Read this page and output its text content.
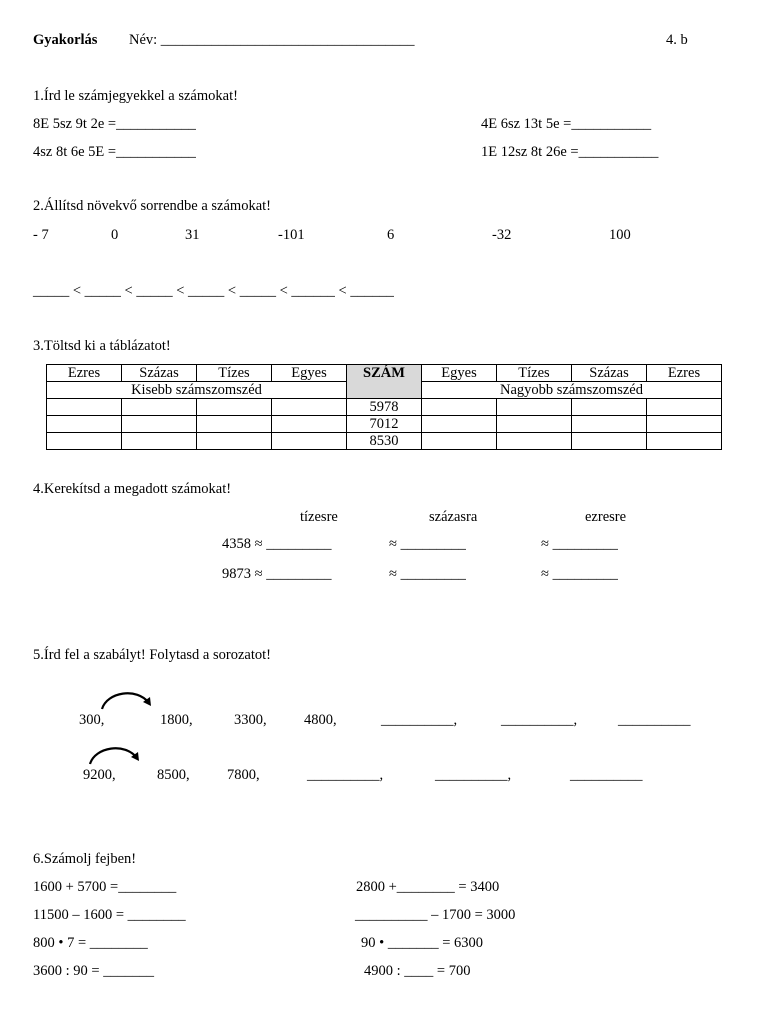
Gyakorlás Név: ___________________________________	4. b
1.Írd le számjegyekkel a számokat!
8E 5sz 9t 2e =___________	4E 6sz 13t 5e =___________
4sz 8t 6e 5E =___________	1E 12sz 8t 26e =___________
2.Állítsd növekvő sorrendbe a számokat!
- 7	0	31	-101	6	-32	100
_____ < _____ < _____ < _____ < _____ < ______ < ______
3.Töltsd ki a táblázatot!
Ezres	Százas	Tízes	Egyes	SZÁM	Egyes	Tízes	Százas	Ezres
Kisebb számszomszéd					Nagyobb számszomszéd			
				5978				
				7012				
				8530				
4.Kerekítsd a megadott számokat!
tízesre	százasra	ezresre
4358 ≈ _________	≈ _________	≈ _________
9873 ≈ _________	≈ _________	≈ _________
5.Írd fel a szabályt! Folytasd a sorozatot!
300,	1800,	3300,	4800,	__________,	__________,	__________
9200,	8500,	7800,	__________,	__________,	__________
6.Számolj fejben!
1600 + 5700 =________
11500 – 1600 = ________
800 • 7 = ________
3600 : 90 = _______
2800 +________ = 3400
__________ – 1700 = 3000
90 • _______ = 6300
4900 : ____ = 700
